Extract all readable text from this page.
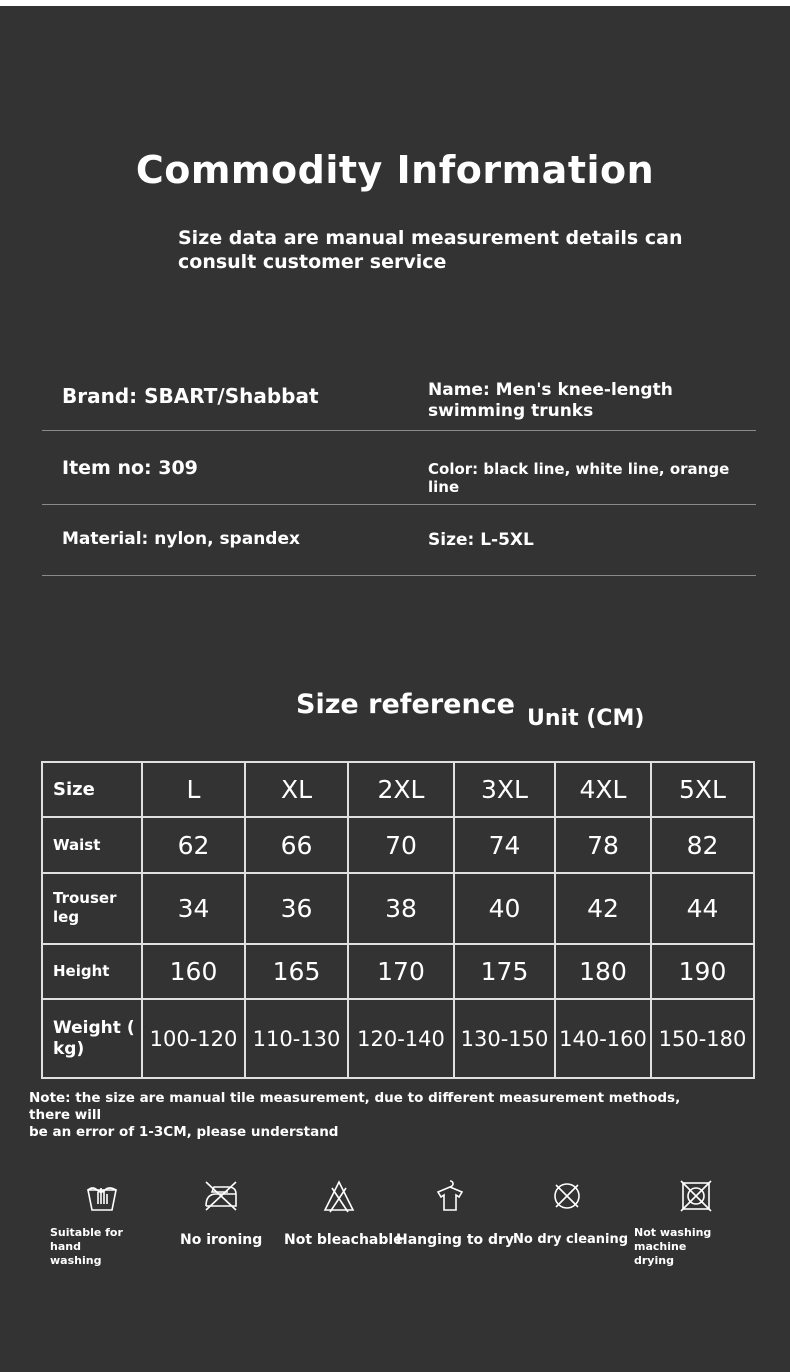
Commodity Information
Size data are manual measurement details can
consult customer service
Brand: SBART/Shabbat	Name: Men's knee-length
swimming trunks
Item no: 309	Color: black line, white line, orange line
Material: nylon, spandex	Size: L-5XL
Size reference Unit (CM)
Size	L	XL	2XL	3XL	4XL	5XL
Waist	62	66	70	74	78	82

Trouser
leg	34	36	38	40	42	44
Height	160	165	170	175	180	190

Weight (
kg)	100-120	110-130	120-140	130-150	140-160	150-180
Note: the size are manual tile measurement, due to different measurement methods, there will
be an error of 1-3CM, please understand
Suitable for hand
washing
No ironing Not bleachable
Hanging to dry
No dry cleaning Not washing machine
drying
